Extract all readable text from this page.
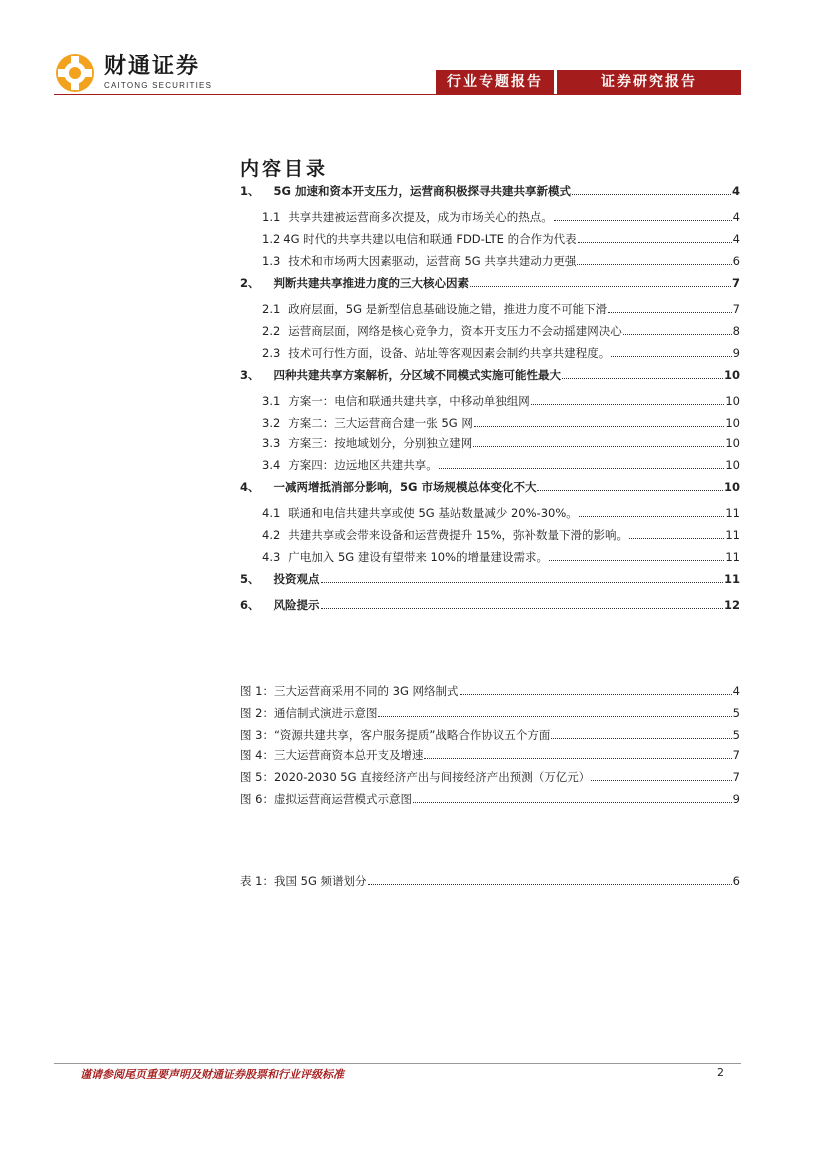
财通证券
CAITONG SECURITIES	行业专题报告	证券研究报告
内容目录
1、 5G 加速和资本开支压力，运营商积极探寻共建共享新模式	4
1.1 共享共建被运营商多次提及，成为市场关心的热点。	4
1.2 4G 时代的共享共建以电信和联通 FDD-LTE 的合作为代表	4
1.3 技术和市场两大因素驱动，运营商 5G 共享共建动力更强	6
2、 判断共建共享推进力度的三大核心因素	7
2.1 政府层面，5G 是新型信息基础设施之错，推进力度不可能下滑	7
2.2 运营商层面，网络是核心竞争力，资本开支压力不会动摇建网决心	8
2.3 技术可行性方面，设备、站址等客观因素会制约共享共建程度。	9
3、 四种共建共享方案解析，分区域不同模式实施可能性最大	10
3.1 方案一：电信和联通共建共享，中移动单独组网	10
3.2 方案二：三大运营商合建一张 5G 网	10
3.3 方案三：按地域划分，分别独立建网	10
3.4 方案四：边远地区共建共享。	10
4、 一减两增抵消部分影响，5G 市场规模总体变化不大	10
4.1 联通和电信共建共享或使 5G 基站数量减少 20%-30%。	11
4.2 共建共享或会带来设备和运营费提升 15%，弥补数量下滑的影响。	11
4.3 广电加入 5G 建设有望带来 10%的增量建设需求。	11
5、 投资观点	11
6、 风险提示	12
图 1：三大运营商采用不同的 3G 网络制式	4
图 2：通信制式演进示意图	5
图 3：“资源共建共享，客户服务提质”战略合作协议五个方面	5
图 4：三大运营商资本总开支及增速	7
图 5：2020-2030 5G 直接经济产出与间接经济产出预测（万亿元）	7
图 6：虚拟运营商运营模式示意图	9
表 1：我国 5G 频谱划分	6
谨请参阅尾页重要声明及财通证券股票和行业评级标准	2
